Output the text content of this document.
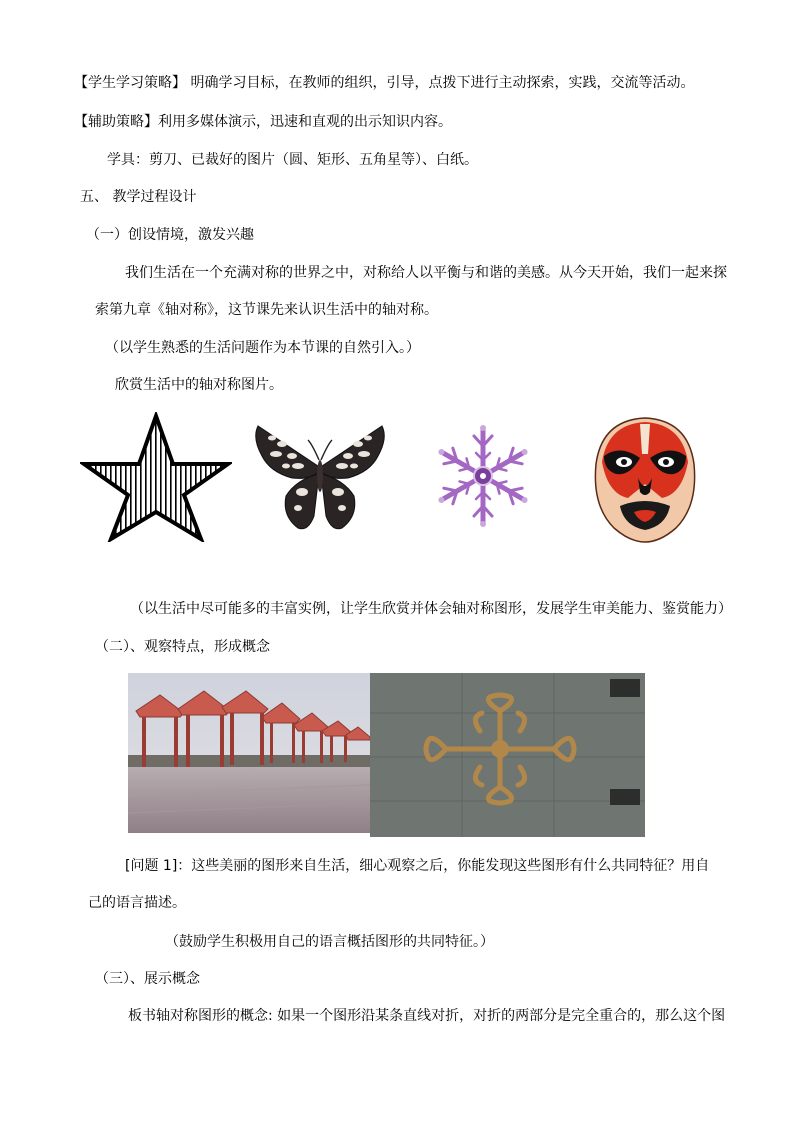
【学生学习策略】 明确学习目标，在教师的组织，引导，点拨下进行主动探索，实践，交流等活动。

【辅助策略】利用多媒体演示，迅速和直观的出示知识内容。

学具：剪刀、已裁好的图片（圆、矩形、五角星等）、白纸。

五、 教学过程设计

（一）创设情境，激发兴趣

我们生活在一个充满对称的世界之中，对称给人以平衡与和谐的美感。从今天开始，我们一起来探

索第九章《轴对称》，这节课先来认识生活中的轴对称。

（以学生熟悉的生活问题作为本节课的自然引入。）

欣赏生活中的轴对称图片。

（以生活中尽可能多的丰富实例，让学生欣赏并体会轴对称图形，发展学生审美能力、鉴赏能力）

（二）、观察特点，形成概念

[问题 1]：这些美丽的图形来自生活，细心观察之后，你能发现这些图形有什么共同特征？用自

己的语言描述。

（鼓励学生积极用自己的语言概括图形的共同特征。）

（三）、展示概念

板书轴对称图形的概念: 如果一个图形沿某条直线对折，对折的两部分是完全重合的，那么这个图
